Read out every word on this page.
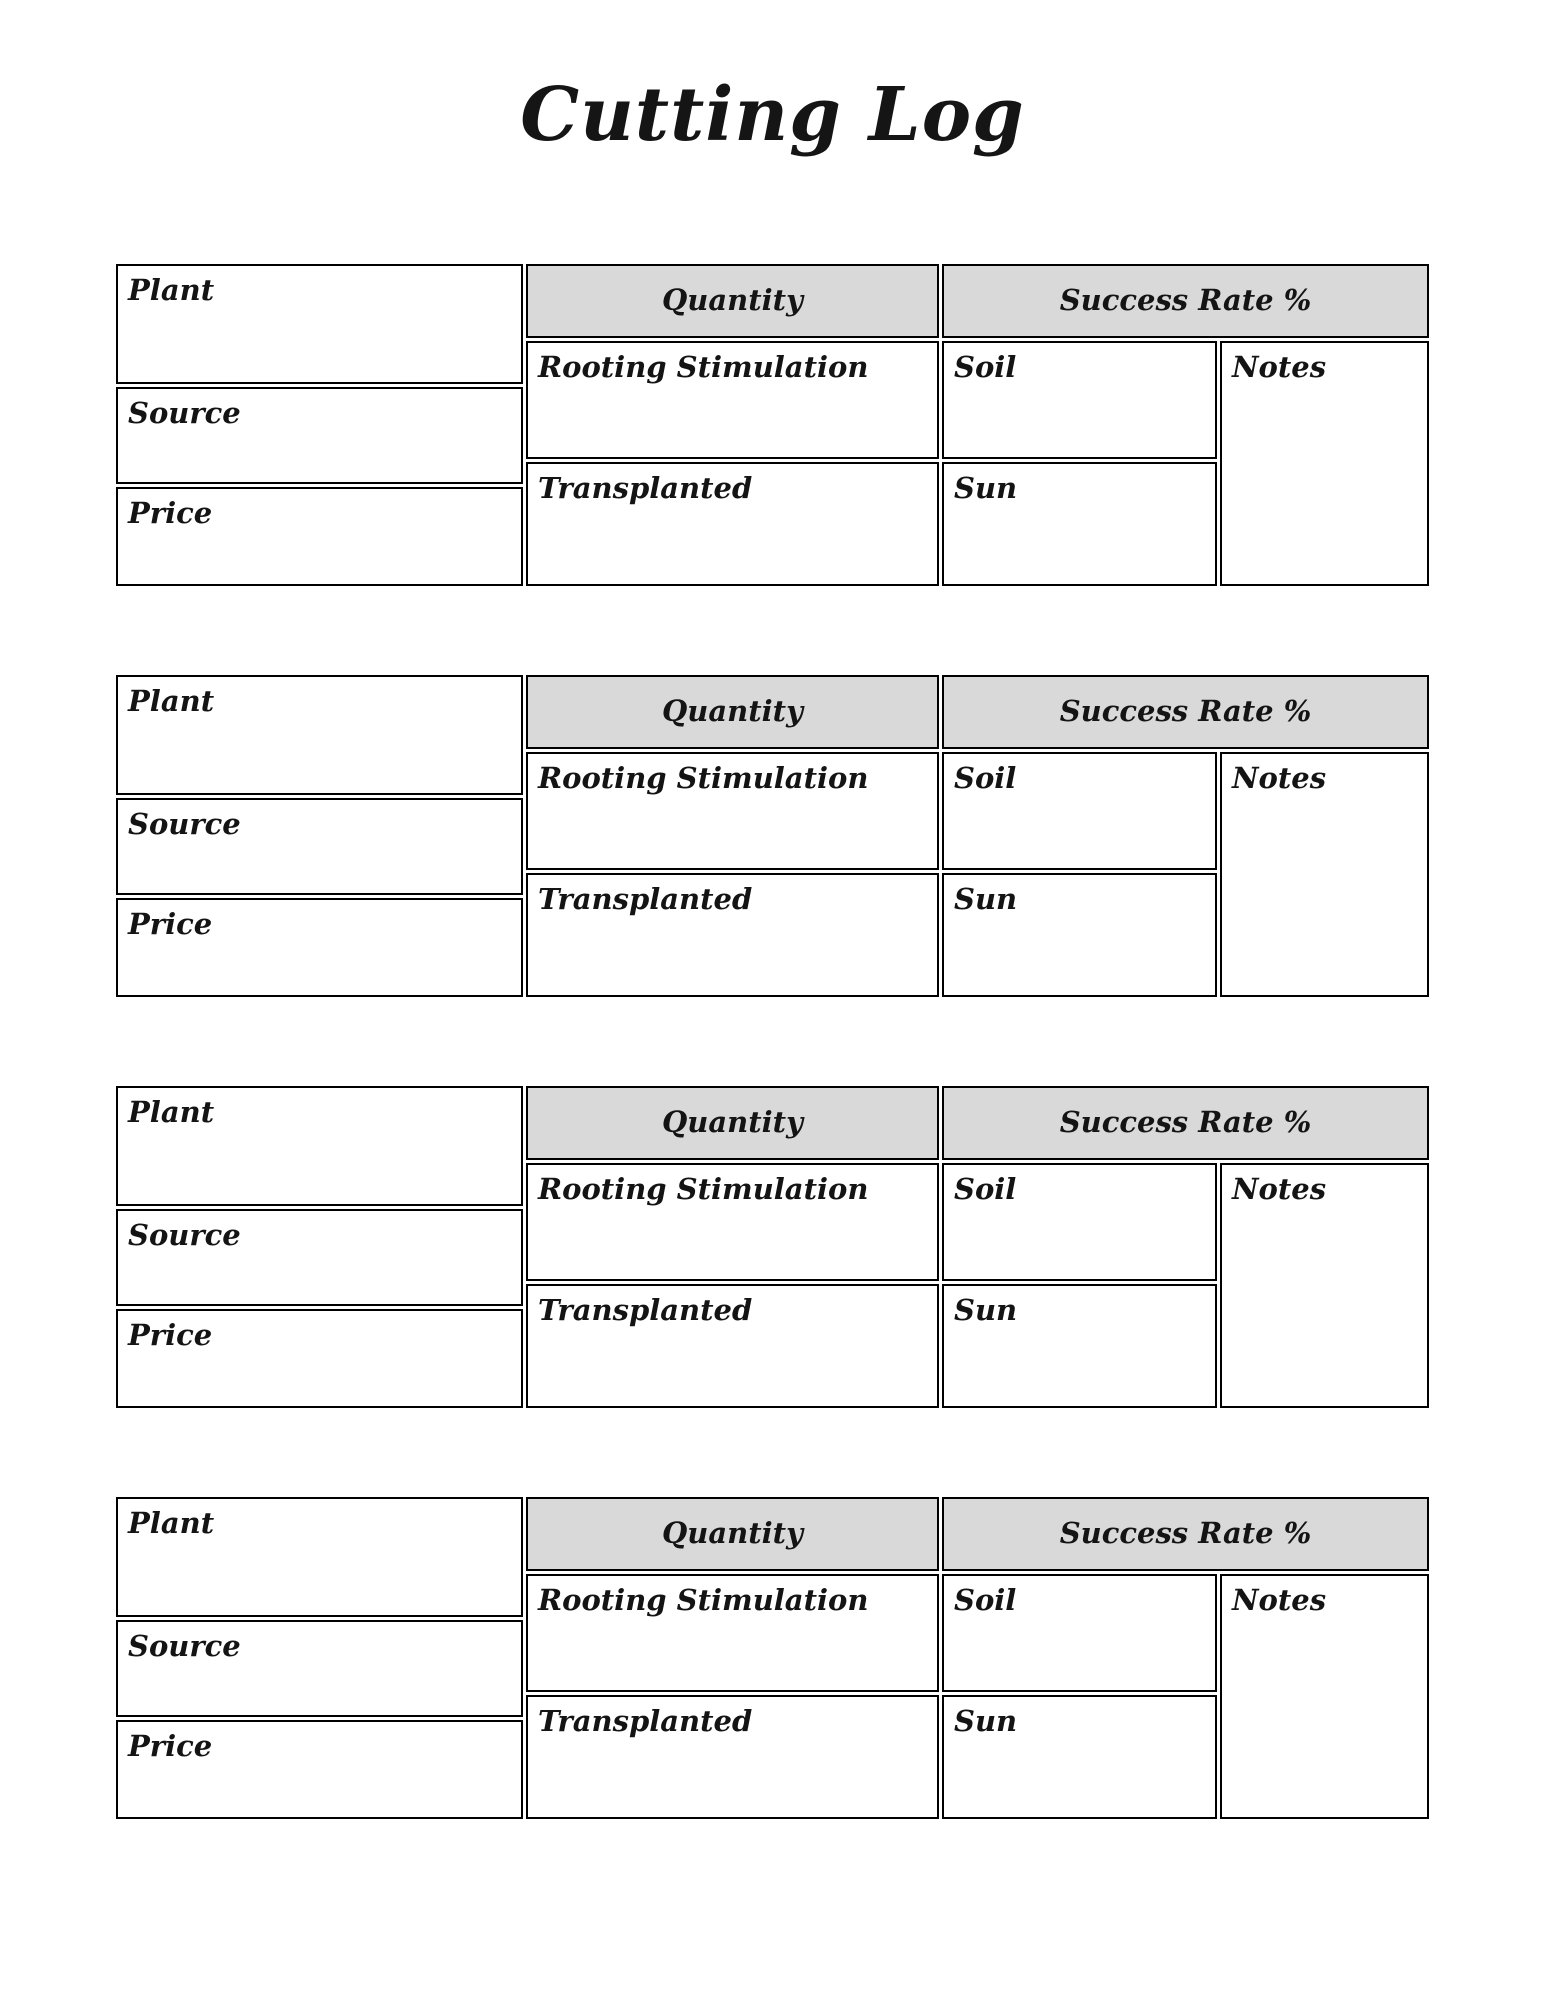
Cutting Log
Plant
Source
Price
Quantity
Rooting Stimulation
Transplanted
Success Rate %
Soil
Sun
Notes
Plant
Source
Price
Quantity
Rooting Stimulation
Transplanted
Success Rate %
Soil
Sun
Notes
Plant
Source
Price
Quantity
Rooting Stimulation
Transplanted
Success Rate %
Soil
Sun
Notes
Plant
Source
Price
Quantity
Rooting Stimulation
Transplanted
Success Rate %
Soil
Sun
Notes
